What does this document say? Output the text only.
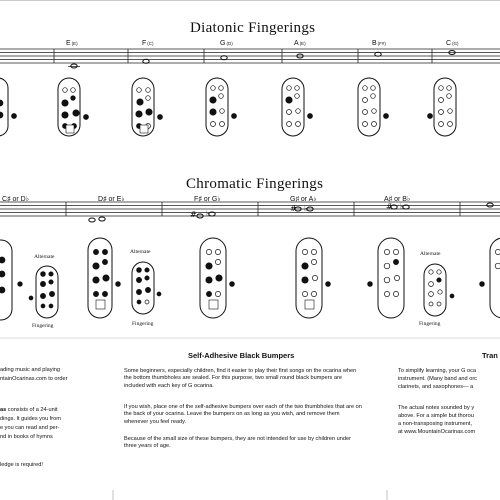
Diatonic Fingerings
Chromatic Fingerings
E(E)	F(C)	G(D)	A(E)	B(F#)	C(G)
C♯ or D♭	D♯ or E♭	F♯ or G♭	G♯ or A♭	A♯ or B♭
Alternate
Fingering
Alternate
Fingering
Alternate
Fingering
# ♭
# ♭	# ♭
ading music and playing
ntainOcarinas.com to order
as consists of a 24-unit
dings. It guides you from
e you can read and per-
nd in books of hymns
ledge is required!
Self-Adhesive Black Bumpers
Some beginners, especially children, find it easier to play their first songs on the ocarina when the bottom thumbholes are sealed. For this purpose, two small round black bumpers are included with each key of G ocarina.
If you wish, place one of the self-adhesive bumpers over each of the two thumbholes that are on the back of your ocarina. Leave the bumpers on as long as you wish, and remove them whenever you feel ready.
Because of the small size of these bumpers, they are not intended for use by children under three years of age.
Tran
To simplify learning, your G oca
instrument. (Many band and orc
clarinets, and saxophones— a
The actual notes sounded by y
above. For a simple but thorou
a non-transposing instrument,
at www.MountainOcarinas.com
